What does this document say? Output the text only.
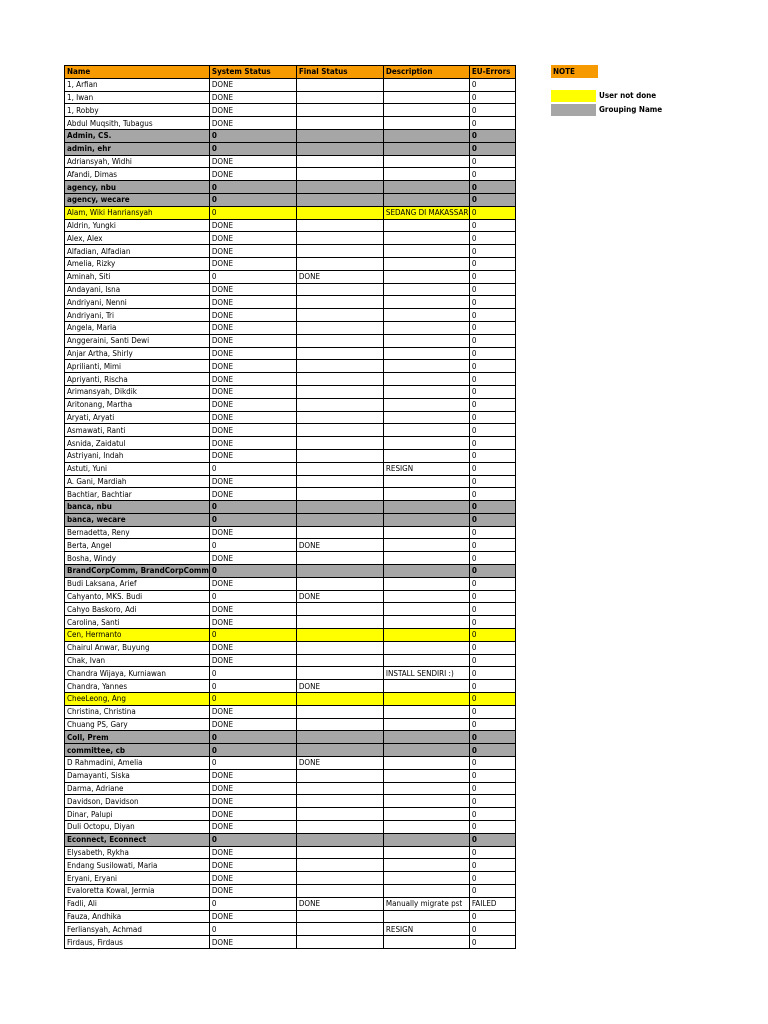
Name	System Status	Final Status	Description	EU-Errors
1, Arfian	DONE			0
1, Iwan	DONE			0
1, Robby	DONE			0
Abdul Muqsith, Tubagus	DONE			0
Admin, CS.	0			0
admin, ehr	0			0
Adriansyah, Widhi	DONE			0
Afandi, Dimas	DONE			0
agency, nbu	0			0
agency, wecare	0			0
Alam, Wiki Hanriansyah	0		SEDANG DI MAKASSAR	0
Aldrin, Yungki	DONE			0
Alex, Alex	DONE			0
Alfadian, Alfadian	DONE			0
Amelia, Rizky	DONE			0
Aminah, Siti	0	DONE		0
Andayani, Isna	DONE			0
Andriyani, Nenni	DONE			0
Andriyani, Tri	DONE			0
Angela, Maria	DONE			0
Anggeraini, Santi Dewi	DONE			0
Anjar Artha, Shirly	DONE			0
Aprilianti, Mimi	DONE			0
Apriyanti, Rischa	DONE			0
Arimansyah, Dikdik	DONE			0
Aritonang, Martha	DONE			0
Aryati, Aryati	DONE			0
Asmawati, Ranti	DONE			0
Asnida, Zaidatul	DONE			0
Astriyani, Indah	DONE			0
Astuti, Yuni	0		RESIGN	0
A. Gani, Mardiah	DONE			0
Bachtiar, Bachtiar	DONE			0
banca, nbu	0			0
banca, wecare	0			0
Bernadetta, Reny	DONE			0
Berta, Angel	0	DONE		0
Bosha, Windy	DONE			0
BrandCorpComm, BrandCorpComm	0			0
Budi Laksana, Arief	DONE			0
Cahyanto, MKS. Budi	0	DONE		0
Cahyo Baskoro, Adi	DONE			0
Carolina, Santi	DONE			0
Cen, Hermanto	0			0
Chairul Anwar, Buyung	DONE			0
Chak, Ivan	DONE			0
Chandra Wijaya, Kurniawan	0		INSTALL SENDIRI :)	0
Chandra, Yannes	0	DONE		0
CheeLeong, Ang	0			0
Christina, Christina	DONE			0
Chuang PS, Gary	DONE			0
Coll, Prem	0			0
committee, cb	0			0
D Rahmadini, Amelia	0	DONE		0
Damayanti, Siska	DONE			0
Darma, Adriane	DONE			0
Davidson, Davidson	DONE			0
Dinar, Palupi	DONE			0
Duli Octopu, Diyan	DONE			0
Econnect, Econnect	0			0
Elysabeth, Rykha	DONE			0
Endang Susilowati, Maria	DONE			0
Eryani, Eryani	DONE			0
Evaloretta Kowal, Jermia	DONE			0
Fadli, Ali	0	DONE	Manually migrate pst	FAILED
Fauza, Andhika	DONE			0
Ferliansyah, Achmad	0		RESIGN	0
Firdaus, Firdaus	DONE			0
NOTE
User not done
Grouping Name
